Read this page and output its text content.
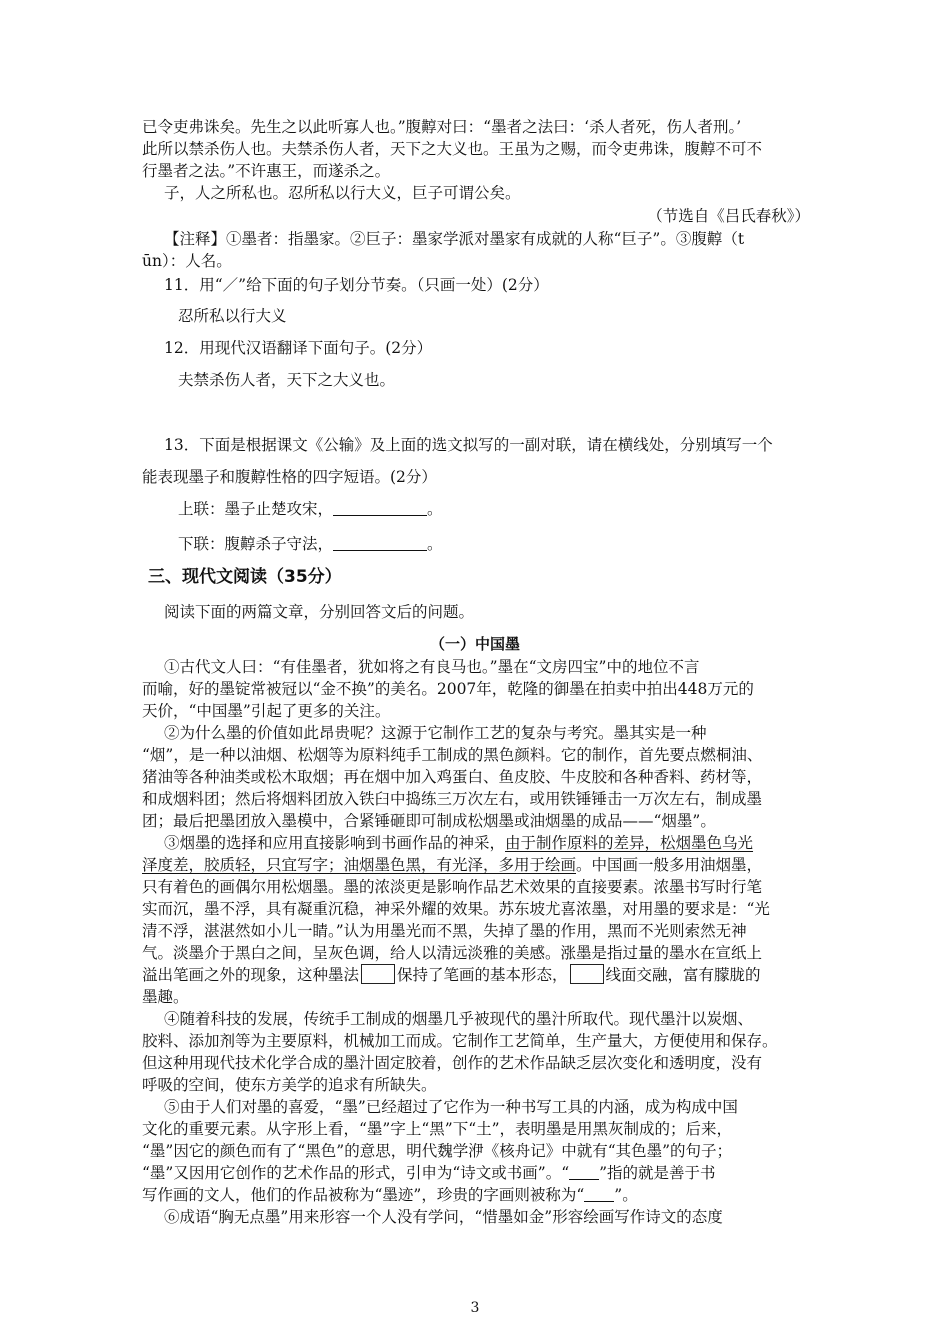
已令吏弗诛矣。先生之以此听寡人也。”腹䵍对曰：“墨者之法曰：‘杀人者死，伤人者刑。’
此所以禁杀伤人也。夫禁杀伤人者，天下之大义也。王虽为之赐，而令吏弗诛，腹䵍不可不
行墨者之法。”不许惠王，而遂杀之。
子，人之所私也。忍所私以行大义，巨子可谓公矣。
（节选自《吕氏春秋》）
【注释】①墨者：指墨家。②巨子：墨家学派对墨家有成就的人称“巨子”。③腹䵍（t
ūn）：人名。
11．用“／”给下面的句子划分节奏。（只画一处）(2分）
忍所私以行大义
12．用现代汉语翻译下面句子。(2分）
夫禁杀伤人者，天下之大义也。
13．下面是根据课文《公输》及上面的选文拟写的一副对联，请在横线处，分别填写一个
能表现墨子和腹䵍性格的四字短语。(2分）
上联：墨子止楚攻宋，	。
下联：腹䵍杀子守法，	。
三、现代文阅读（35分）
阅读下面的两篇文章，分别回答文后的问题。
（一）中国墨
①古代文人曰：“有佳墨者，犹如将之有良马也。”墨在“文房四宝”中的地位不言
而喻，好的墨锭常被冠以“金不换”的美名。2007年，乾隆的御墨在拍卖中拍出448万元的
天价，“中国墨”引起了更多的关注。
②为什么墨的价值如此昂贵呢？这源于它制作工艺的复杂与考究。墨其实是一种
“烟”，是一种以油烟、松烟等为原料纯手工制成的黑色颜料。它的制作，首先要点燃桐油、
猪油等各种油类或松木取烟；再在烟中加入鸡蛋白、鱼皮胶、牛皮胶和各种香料、药材等，
和成烟料团；然后将烟料团放入铁臼中捣练三万次左右，或用铁锤锤击一万次左右，制成墨
团；最后把墨团放入墨模中，合紧锤砸即可制成松烟墨或油烟墨的成品——“烟墨”。
③烟墨的选择和应用直接影响到书画作品的神采，由于制作原料的差异，松烟墨色乌光
泽度差，胶质轻，只宜写字；油烟墨色黑，有光泽，多用于绘画。中国画一般多用油烟墨，
只有着色的画偶尔用松烟墨。墨的浓淡更是影响作品艺术效果的直接要素。浓墨书写时行笔
实而沉，墨不浮，具有凝重沉稳，神采外耀的效果。苏东坡尤喜浓墨，对用墨的要求是：“光
清不浮，湛湛然如小儿一睛。”认为用墨光而不黑，失掉了墨的作用，黑而不光则索然无神
气。淡墨介于黑白之间，呈灰色调，给人以清远淡雅的美感。涨墨是指过量的墨水在宣纸上
溢出笔画之外的现象，这种墨法 保持了笔画的基本形态， 线面交融，富有朦胧的
墨趣。
④随着科技的发展，传统手工制成的烟墨几乎被现代的墨汁所取代。现代墨汁以炭烟、
胶料、添加剂等为主要原料，机械加工而成。它制作工艺简单，生产量大，方便使用和保存。
但这种用现代技术化学合成的墨汁固定胶着，创作的艺术作品缺乏层次变化和透明度，没有
呼吸的空间，使东方美学的追求有所缺失。
⑤由于人们对墨的喜爱，“墨”已经超过了它作为一种书写工具的内涵，成为构成中国
文化的重要元素。从字形上看，“墨”字上“黑”下“土”，表明墨是用黑灰制成的；后来，
“墨”因它的颜色而有了“黑色”的意思，明代魏学洢《核舟记》中就有“其色墨”的句子；
“墨”又因用它创作的艺术作品的形式，引申为“诗文或书画”。“ ”指的就是善于书
写作画的文人，他们的作品被称为“墨迹”，珍贵的字画则被称为“ ”。
⑥成语“胸无点墨”用来形容一个人没有学问，“惜墨如金”形容绘画写作诗文的态度
3
